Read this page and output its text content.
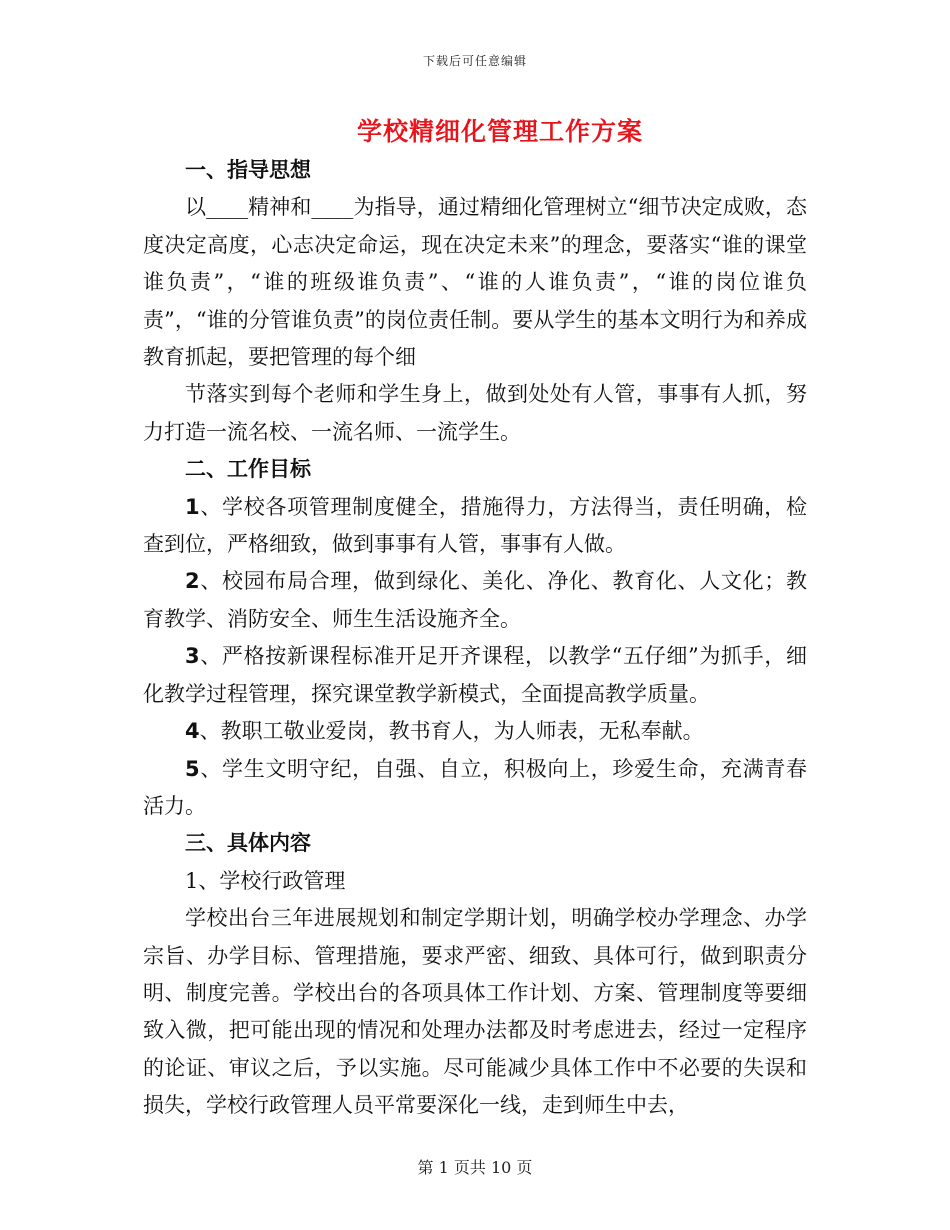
下载后可任意编辑
学校精细化管理工作方案
一、指导思想

以____精神和____为指导，通过精细化管理树立“细节决定成败，态度决定高度，心志决定命运，现在决定未来”的理念，要落实“谁的课堂谁负责”，“谁的班级谁负责”、“谁的人谁负责”，“谁的岗位谁负责”，“谁的分管谁负责”的岗位责任制。要从学生的基本文明行为和养成教育抓起，要把管理的每个细

节落实到每个老师和学生身上，做到处处有人管，事事有人抓，努力打造一流名校、一流名师、一流学生。

二、工作目标

1、学校各项管理制度健全，措施得力，方法得当，责任明确，检查到位，严格细致，做到事事有人管，事事有人做。

2、校园布局合理，做到绿化、美化、净化、教育化、人文化；教育教学、消防安全、师生生活设施齐全。

3、严格按新课程标准开足开齐课程，以教学“五仔细”为抓手，细化教学过程管理，探究课堂教学新模式，全面提高教学质量。

4、教职工敬业爱岗，教书育人，为人师表，无私奉献。

5、学生文明守纪，自强、自立，积极向上，珍爱生命，充满青春活力。

三、具体内容
1、学校行政管理

学校出台三年进展规划和制定学期计划，明确学校办学理念、办学宗旨、办学目标、管理措施，要求严密、细致、具体可行，做到职责分明、制度完善。学校出台的各项具体工作计划、方案、管理制度等要细致入微，把可能出现的情况和处理办法都及时考虑进去，经过一定程序的论证、审议之后，予以实施。尽可能减少具体工作中不必要的失误和损失，学校行政管理人员平常要深化一线，走到师生中去，

第 1 页共 10 页
